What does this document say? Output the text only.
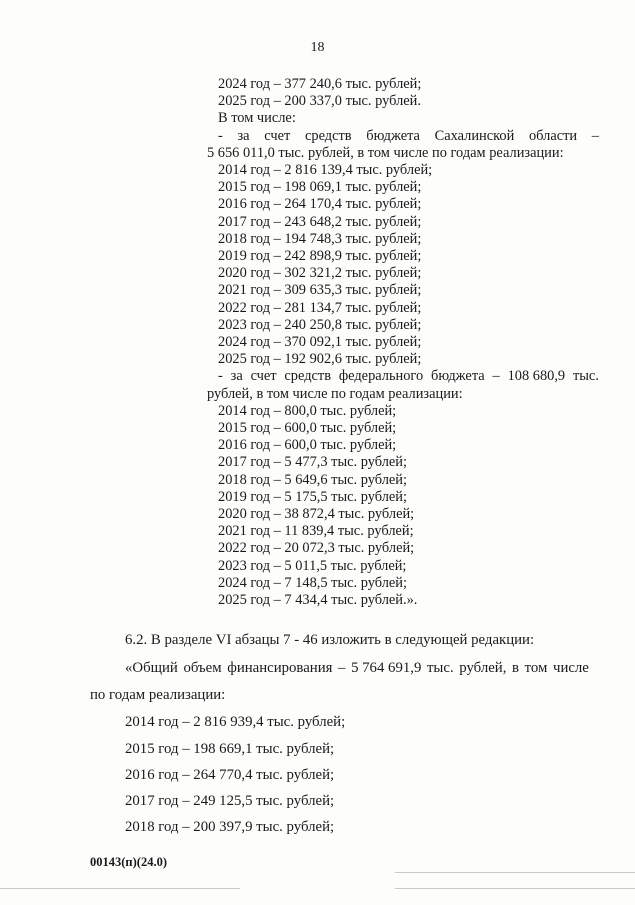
18
2024 год – 377 240,6 тыс. рублей;
2025 год – 200 337,0 тыс. рублей.
В том числе:
- за счет средств бюджета Сахалинской области –
5 656 011,0 тыс. рублей, в том числе по годам реализации:
2014 год – 2 816 139,4 тыс. рублей;
2015 год – 198 069,1 тыс. рублей;
2016 год – 264 170,4 тыс. рублей;
2017 год – 243 648,2 тыс. рублей;
2018 год – 194 748,3 тыс. рублей;
2019 год – 242 898,9 тыс. рублей;
2020 год – 302 321,2 тыс. рублей;
2021 год – 309 635,3 тыс. рублей;
2022 год – 281 134,7 тыс. рублей;
2023 год – 240 250,8 тыс. рублей;
2024 год – 370 092,1 тыс. рублей;
2025 год – 192 902,6 тыс. рублей;
- за счет средств федерального бюджета – 108 680,9 тыс.
рублей, в том числе по годам реализации:
2014 год – 800,0 тыс. рублей;
2015 год – 600,0 тыс. рублей;
2016 год – 600,0 тыс. рублей;
2017 год – 5 477,3 тыс. рублей;
2018 год – 5 649,6 тыс. рублей;
2019 год – 5 175,5 тыс. рублей;
2020 год – 38 872,4 тыс. рублей;
2021 год – 11 839,4 тыс. рублей;
2022 год – 20 072,3 тыс. рублей;
2023 год – 5 011,5 тыс. рублей;
2024 год – 7 148,5 тыс. рублей;
2025 год – 7 434,4 тыс. рублей.».
6.2. В разделе VI абзацы 7 - 46 изложить в следующей редакции:
«Общий объем финансирования – 5 764 691,9 тыс. рублей, в том числе
по годам реализации:
2014 год – 2 816 939,4 тыс. рублей;
2015 год – 198 669,1 тыс. рублей;
2016 год – 264 770,4 тыс. рублей;
2017 год – 249 125,5 тыс. рублей;
2018 год – 200 397,9 тыс. рублей;
00143(п)(24.0)
